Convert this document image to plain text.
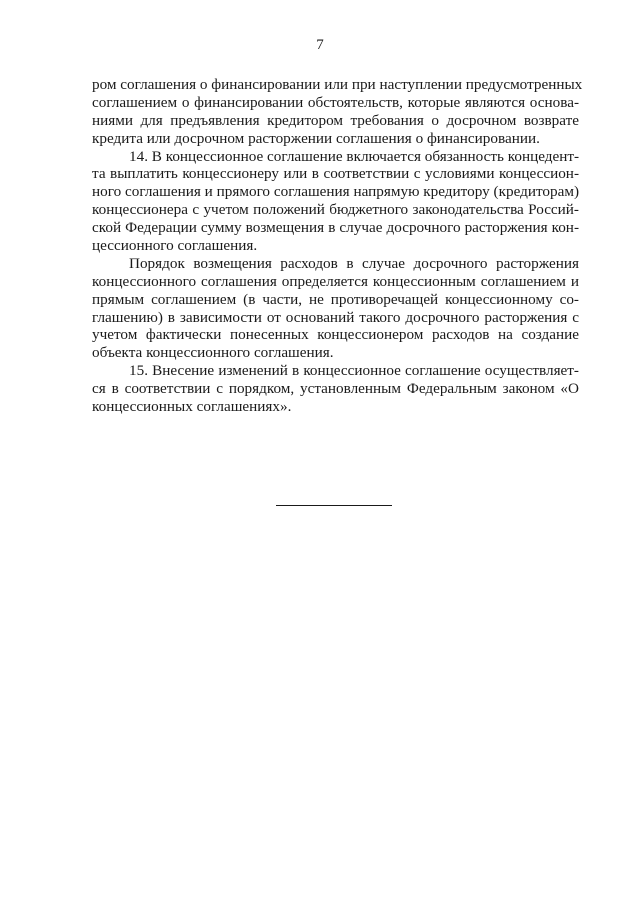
7
ром соглашения о финансировании или при наступлении предусмотренных
соглашением о финансировании обстоятельств, которые являются основа-
ниями для предъявления кредитором требования о досрочном возврате
кредита или досрочном расторжении соглашения о финансировании.
14. В концессионное соглашение включается обязанность концедент-
та выплатить концессионеру или в соответствии с условиями концессион-
ного соглашения и прямого соглашения напрямую кредитору (кредиторам)
концессионера с учетом положений бюджетного законодательства Россий-
ской Федерации сумму возмещения в случае досрочного расторжения кон-
цессионного соглашения.
Порядок возмещения расходов в случае досрочного расторжения
концессионного соглашения определяется концессионным соглашением и
прямым соглашением (в части, не противоречащей концессионному со-
глашению) в зависимости от оснований такого досрочного расторжения с
учетом фактически понесенных концессионером расходов на создание
объекта концессионного соглашения.
15. Внесение изменений в концессионное соглашение осуществляет-
ся в соответствии с порядком, установленным Федеральным законом «О
концессионных соглашениях».
